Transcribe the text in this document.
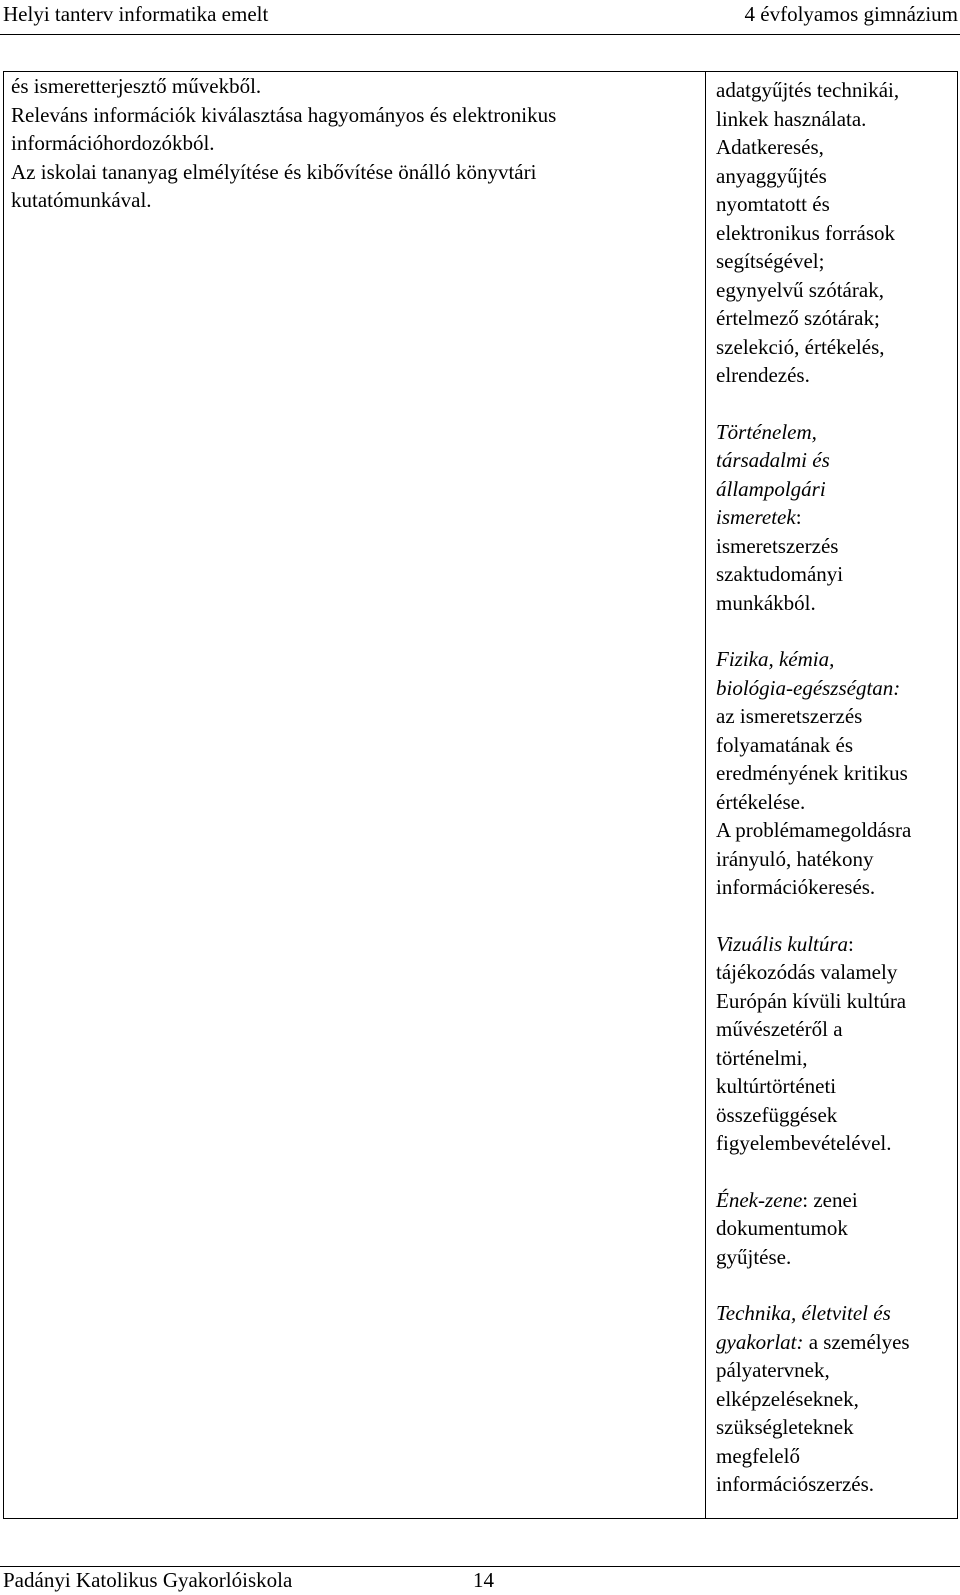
Helyi tanterv informatika emelt	4 évfolyamos gimnázium
és ismeretterjesztő művekből.
Releváns információk kiválasztása hagyományos és elektronikus
információhordozókból.
Az iskolai tananyag elmélyítése és kibővítése önálló könyvtári
kutatómunkával.
adatgyűjtés technikái,
linkek használata.
Adatkeresés,
anyaggyűjtés
nyomtatott és
elektronikus források
segítségével;
egynyelvű szótárak,
értelmező szótárak;
szelekció, értékelés,
elrendezés.
Történelem,
társadalmi és
állampolgári
ismeretek:
ismeretszerzés
szaktudományi
munkákból.
Fizika, kémia,
biológia-egészségtan:
az ismeretszerzés
folyamatának és
eredményének kritikus
értékelése.
A problémamegoldásra
irányuló, hatékony
információkeresés.
Vizuális kultúra:
tájékozódás valamely
Európán kívüli kultúra
művészetéről a
történelmi,
kultúrtörténeti
összefüggések
figyelembevételével.
Ének-zene: zenei
dokumentumok
gyűjtése.
Technika, életvitel és
gyakorlat: a személyes
pályatervnek,
elképzeléseknek,
szükségleteknek
megfelelő
információszerzés.
Padányi Katolikus Gyakorlóiskola	14
